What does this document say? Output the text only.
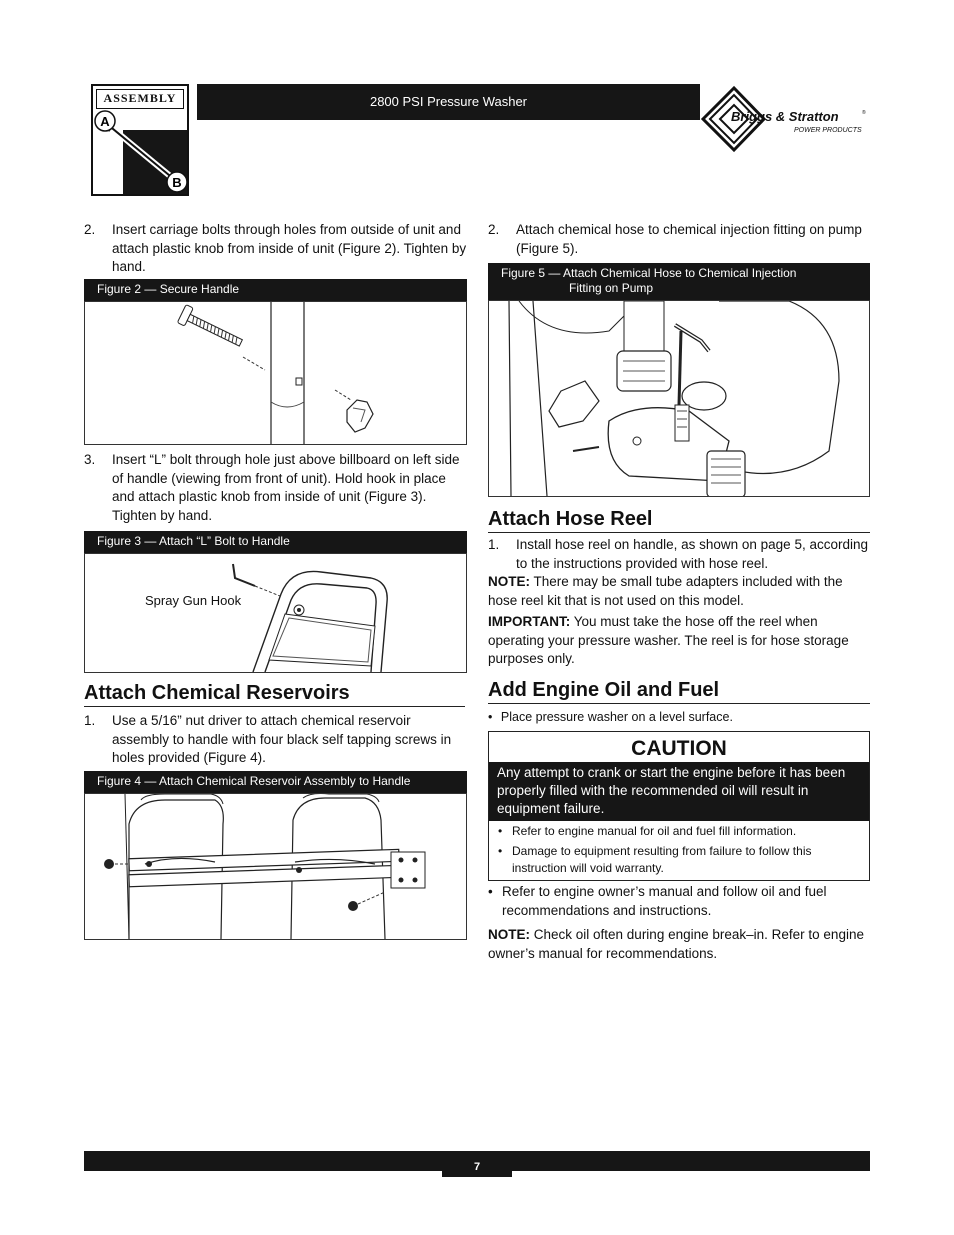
ASSEMBLY
A
B
2800 PSI Pressure Washer
Briggs & Stratton	®
POWER PRODUCTS
2. Insert carriage bolts through holes from outside of unit and attach plastic knob from inside of unit (Figure 2). Tighten by hand.
Figure 2 — Secure Handle
3. Insert “L” bolt through hole just above billboard on left side of handle (viewing from front of unit). Hold hook in place and attach plastic knob from inside of unit (Figure 3). Tighten by hand.
Figure 3 — Attach “L” Bolt to Handle
Spray Gun Hook
Attach Chemical Reservoirs
1. Use a 5/16” nut driver to attach chemical reservoir assembly to handle with four black self tapping screws in holes provided (Figure 4).
Figure 4 — Attach Chemical Reservoir Assembly to Handle
2. Attach chemical hose to chemical injection fitting on pump (Figure 5).
Figure 5 — Attach Chemical Hose to Chemical Injection
Fitting on Pump
Attach Hose Reel
1. Install hose reel on handle, as shown on page 5, according to the instructions provided with hose reel.
NOTE: There may be small tube adapters included with the hose reel kit that is not used on this model.
IMPORTANT: You must take the hose off the reel when operating your pressure washer. The reel is for hose storage purposes only.
Add Engine Oil and Fuel
• Place pressure washer on a level surface.
CAUTION
Any attempt to crank or start the engine before it has been properly filled with the recommended oil will result in equipment failure.
• Refer to engine manual for oil and fuel fill information.
• Damage to equipment resulting from failure to follow this instruction will void warranty.
• Refer to engine owner’s manual and follow oil and fuel recommendations and instructions.
NOTE: Check oil often during engine break–in. Refer to engine owner’s manual for recommendations.
7
